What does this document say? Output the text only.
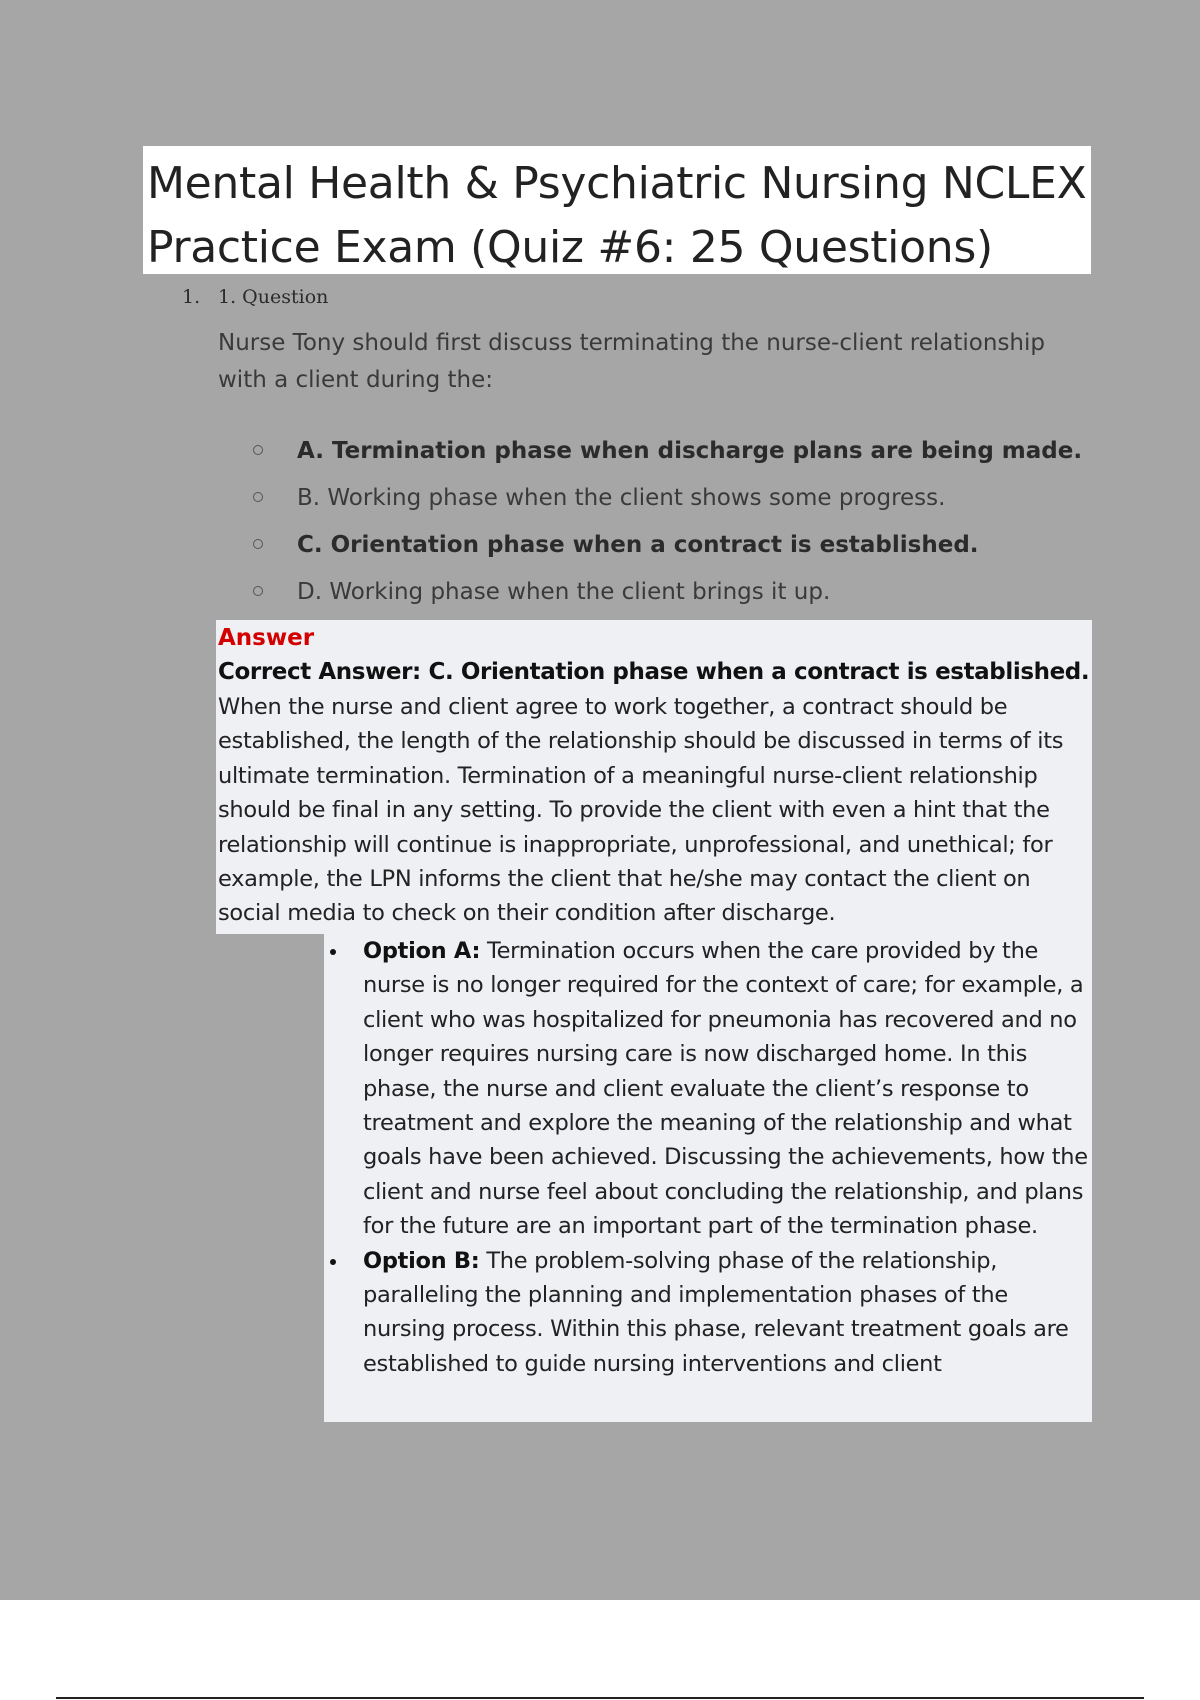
Mental Health & Psychiatric Nursing NCLEX
Practice Exam (Quiz #6: 25 Questions)
1. 1. Question
Nurse Tony should first discuss terminating the nurse-client relationship with a client during the:
A. Termination phase when discharge plans are being made.
B. Working phase when the client shows some progress.
C. Orientation phase when a contract is established.
D. Working phase when the client brings it up.
Answer
Correct Answer: C. Orientation phase when a contract is established.
When the nurse and client agree to work together, a contract should be established, the length of the relationship should be discussed in terms of its ultimate termination. Termination of a meaningful nurse-client relationship should be final in any setting. To provide the client with even a hint that the relationship will continue is inappropriate, unprofessional, and unethical; for example, the LPN informs the client that he/she may contact the client on social media to check on their condition after discharge.
Option A: Termination occurs when the care provided by the nurse is no longer required for the context of care; for example, a client who was hospitalized for pneumonia has recovered and no longer requires nursing care is now discharged home. In this phase, the nurse and client evaluate the client’s response to treatment and explore the meaning of the relationship and what goals have been achieved. Discussing the achievements, how the client and nurse feel about concluding the relationship, and plans for the future are an important part of the termination phase.
Option B: The problem-solving phase of the relationship, paralleling the planning and implementation phases of the nursing process. Within this phase, relevant treatment goals are established to guide nursing interventions and client
